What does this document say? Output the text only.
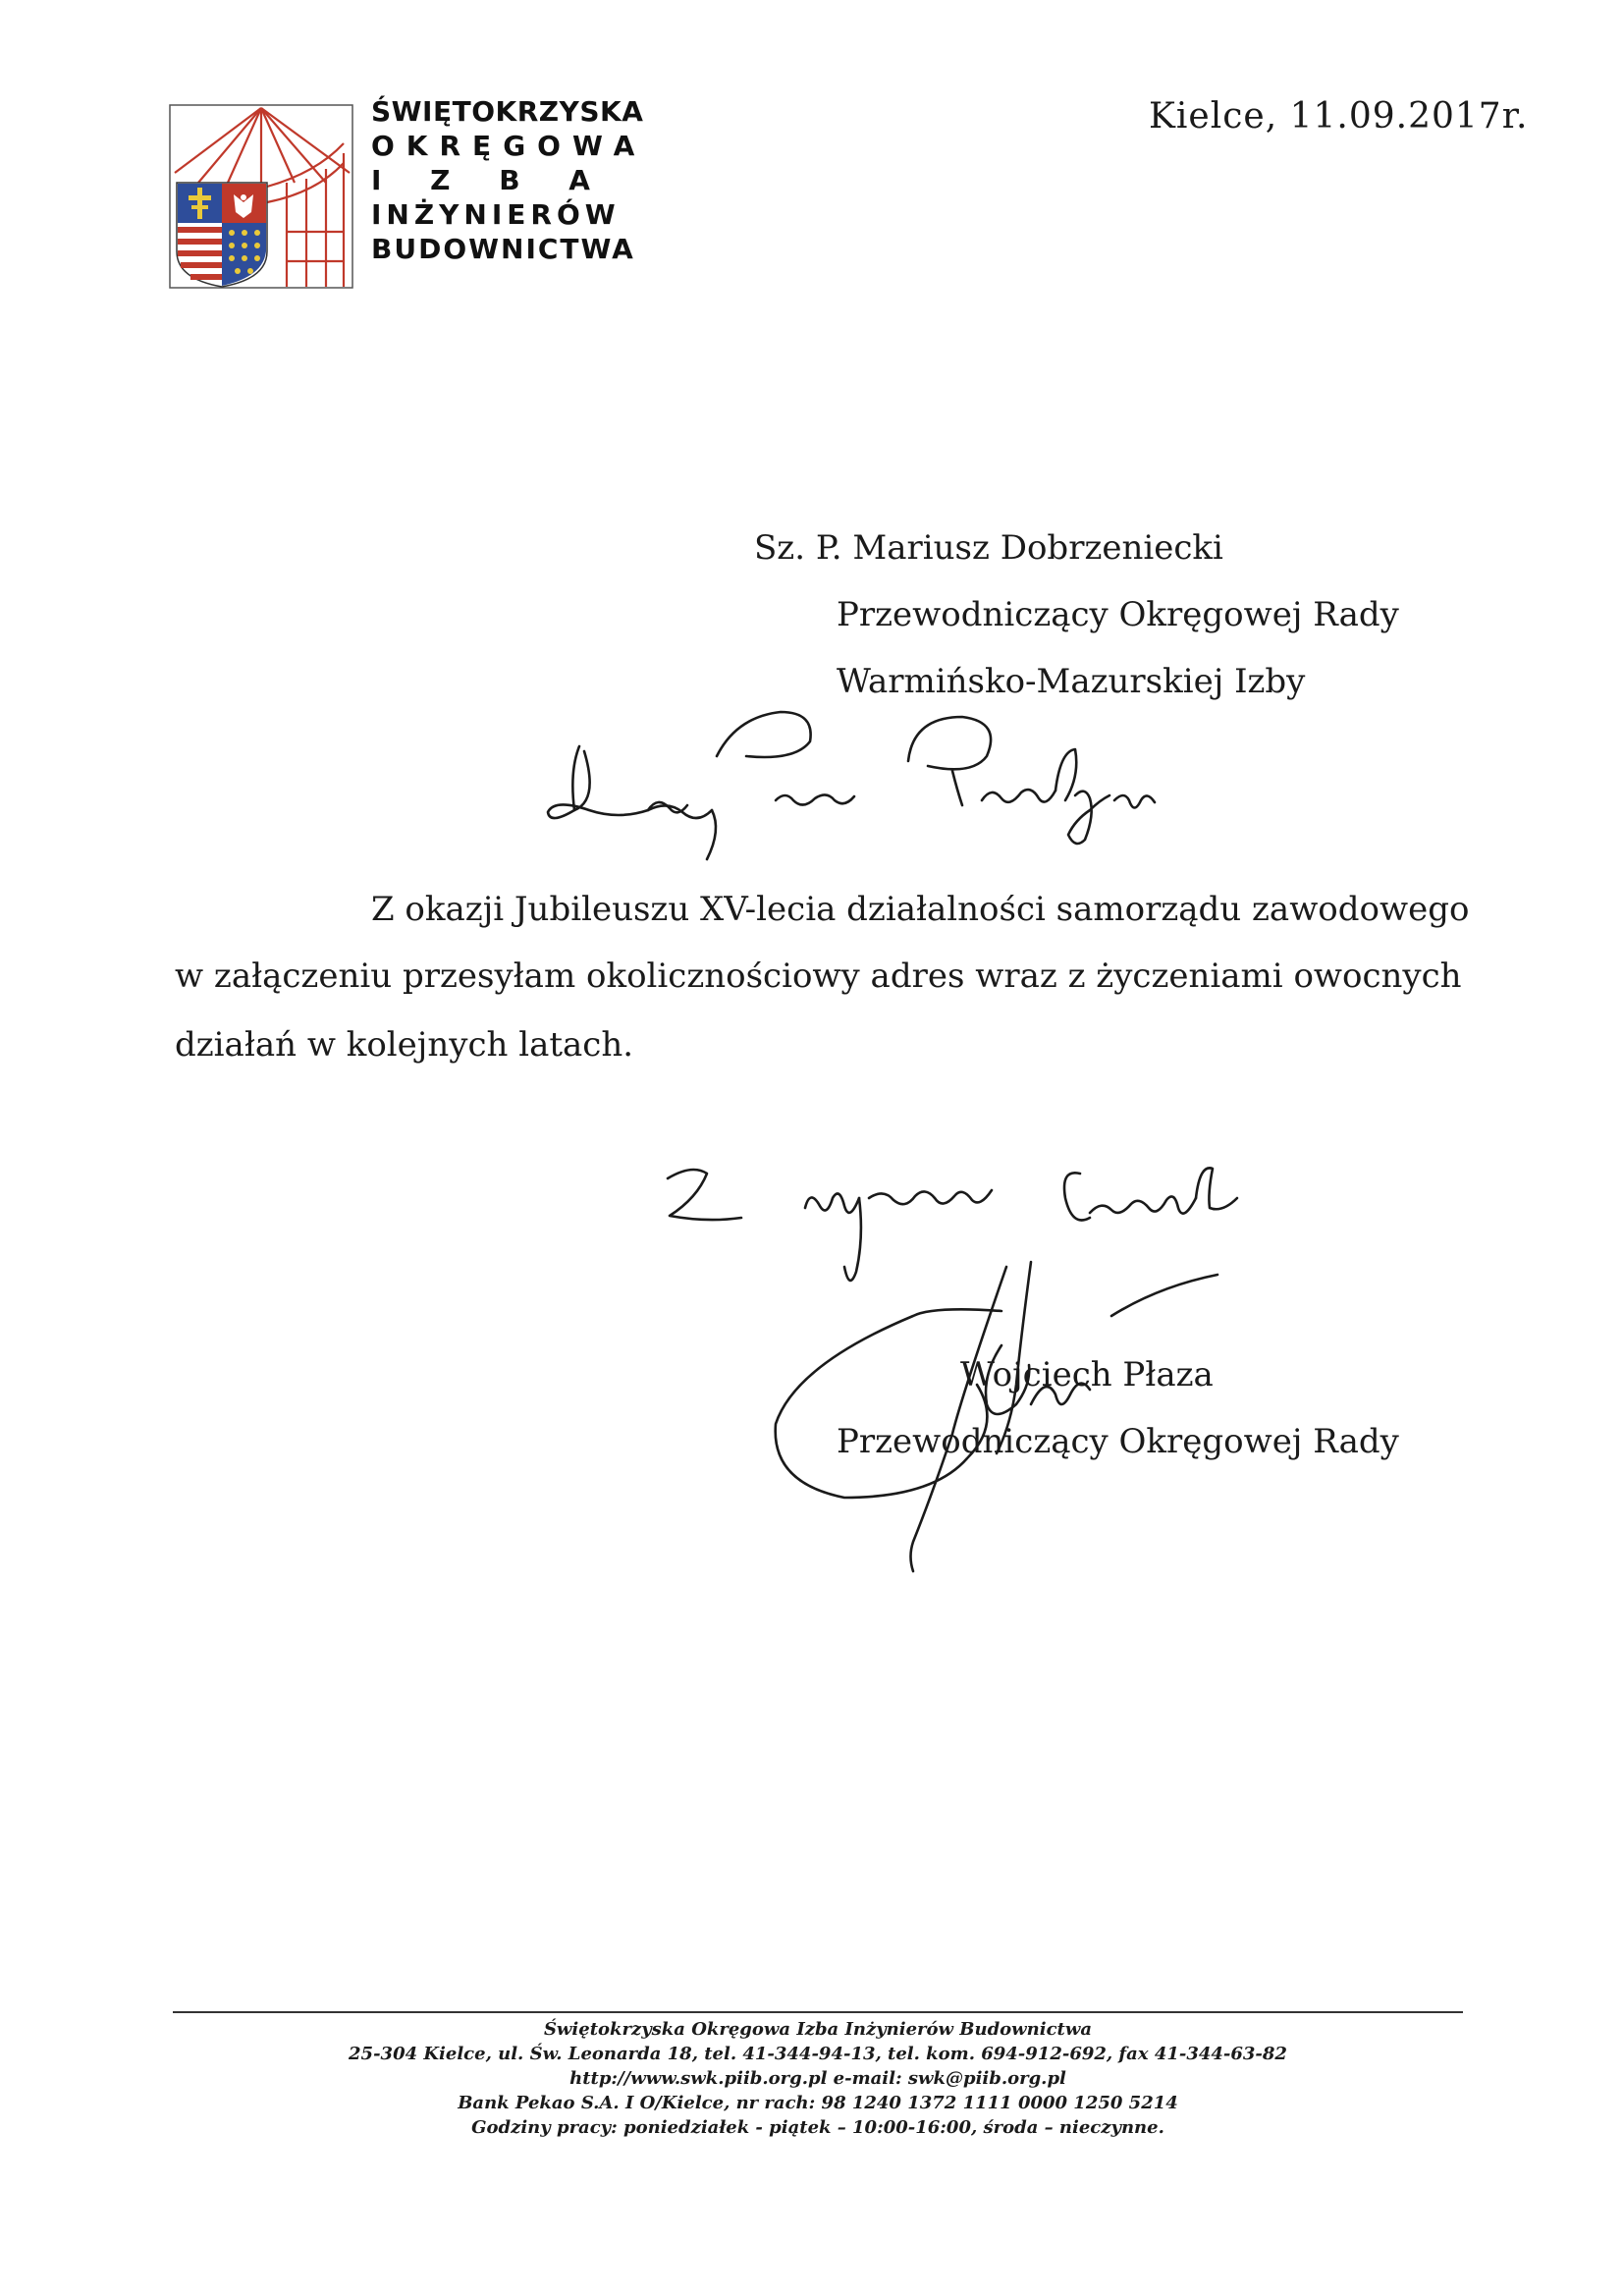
ŚWIĘTOKRZYSKA
OKRĘGOWA
I Z B A
INŻYNIERÓW
BUDOWNICTWA
Kielce, 11.09.2017r.
Sz. P. Mariusz Dobrzeniecki
Przewodniczący Okręgowej Rady
Warmińsko-Mazurskiej Izby
Z okazji Jubileuszu XV-lecia działalności samorządu zawodowego
w załączeniu przesyłam okolicznościowy adres wraz z życzeniami owocnych
działań w kolejnych latach.
Wojciech Płaza
Przewodniczący Okręgowej Rady
Świętokrzyska Okręgowa Izba Inżynierów Budownictwa
25-304 Kielce, ul. Św. Leonarda 18, tel. 41-344-94-13, tel. kom. 694-912-692, fax 41-344-63-82
http://www.swk.piib.org.pl e-mail: swk@piib.org.pl
Bank Pekao S.A. I O/Kielce, nr rach: 98 1240 1372 1111 0000 1250 5214
Godziny pracy: poniedziałek - piątek – 10:00-16:00, środa – nieczynne.
